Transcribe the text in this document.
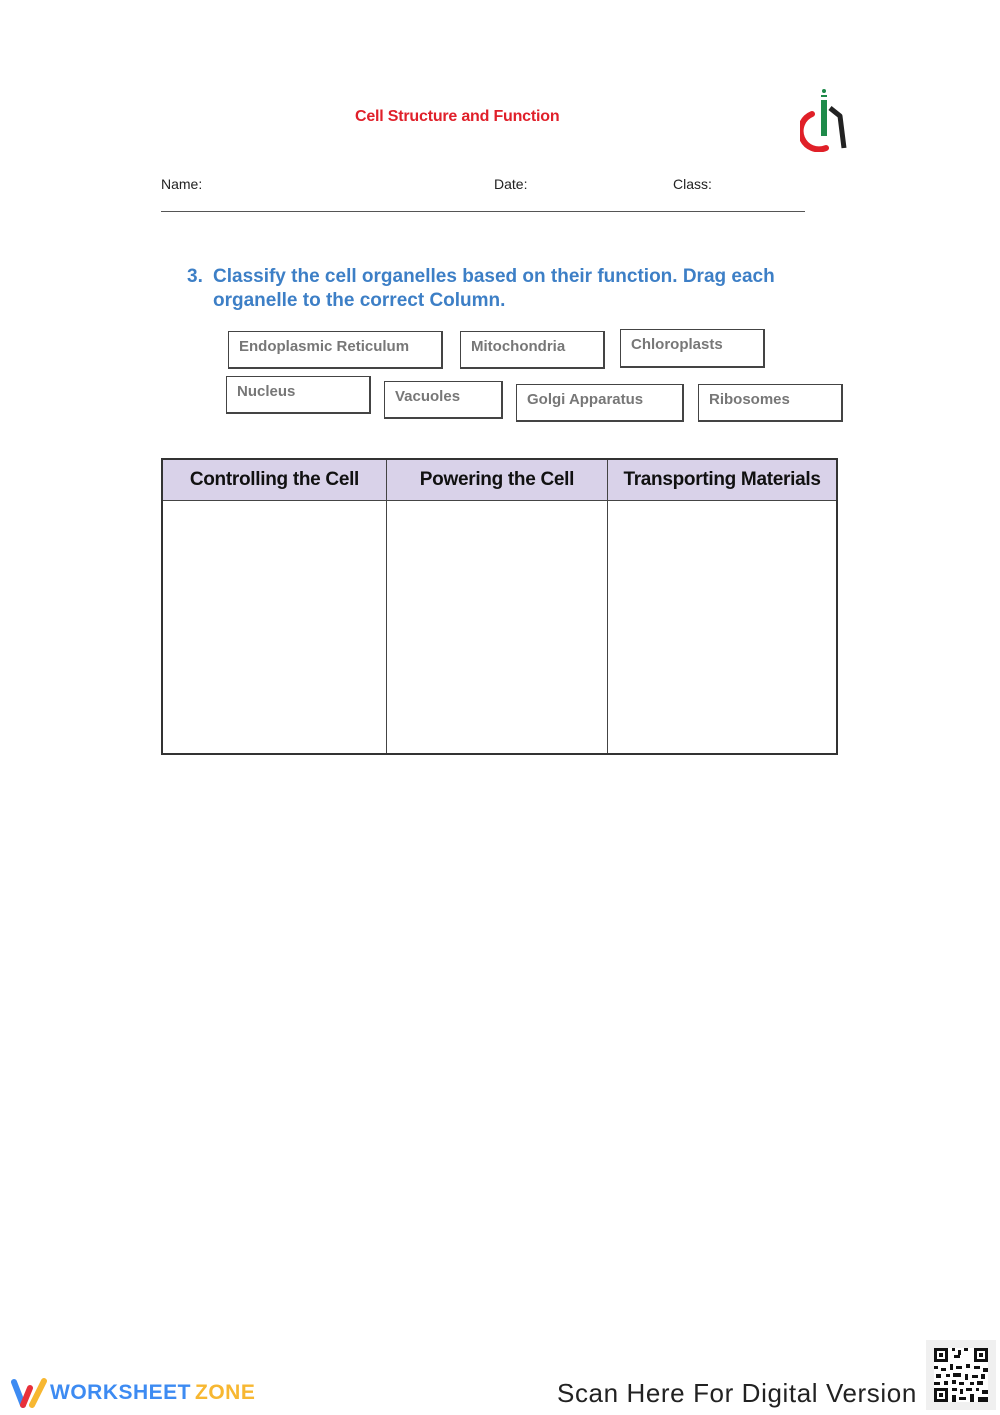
Cell Structure and Function
Name:	Date:	Class:
3. Classify the cell organelles based on their function. Drag each organelle to the correct Column.
Endoplasmic Reticulum	Mitochondria	Chloroplasts
Nucleus	Vacuoles	Golgi Apparatus	Ribosomes
Controlling the Cell	Powering the Cell	Transporting Materials

WORKSHEET ZONE	Scan Here For Digital Version
